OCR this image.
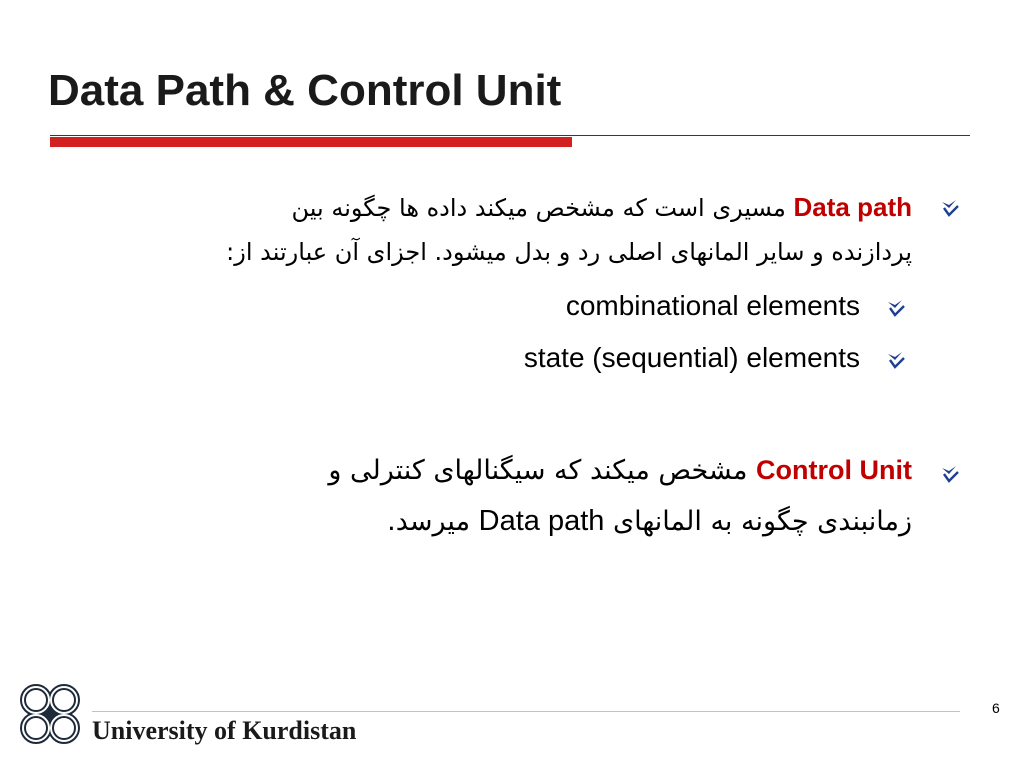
Data Path & Control Unit
Data path مسیری است که مشخص میکند داده ها چگونه بین
پردازنده و سایر المانهای اصلی رد و بدل میشود. اجزای آن عبارتند از:
combinational elements
state (sequential) elements
Control Unit مشخص میکند که سیگنالهای کنترلی و
زمانبندی چگونه به المانهای Data path میرسد.
University of Kurdistan
6
